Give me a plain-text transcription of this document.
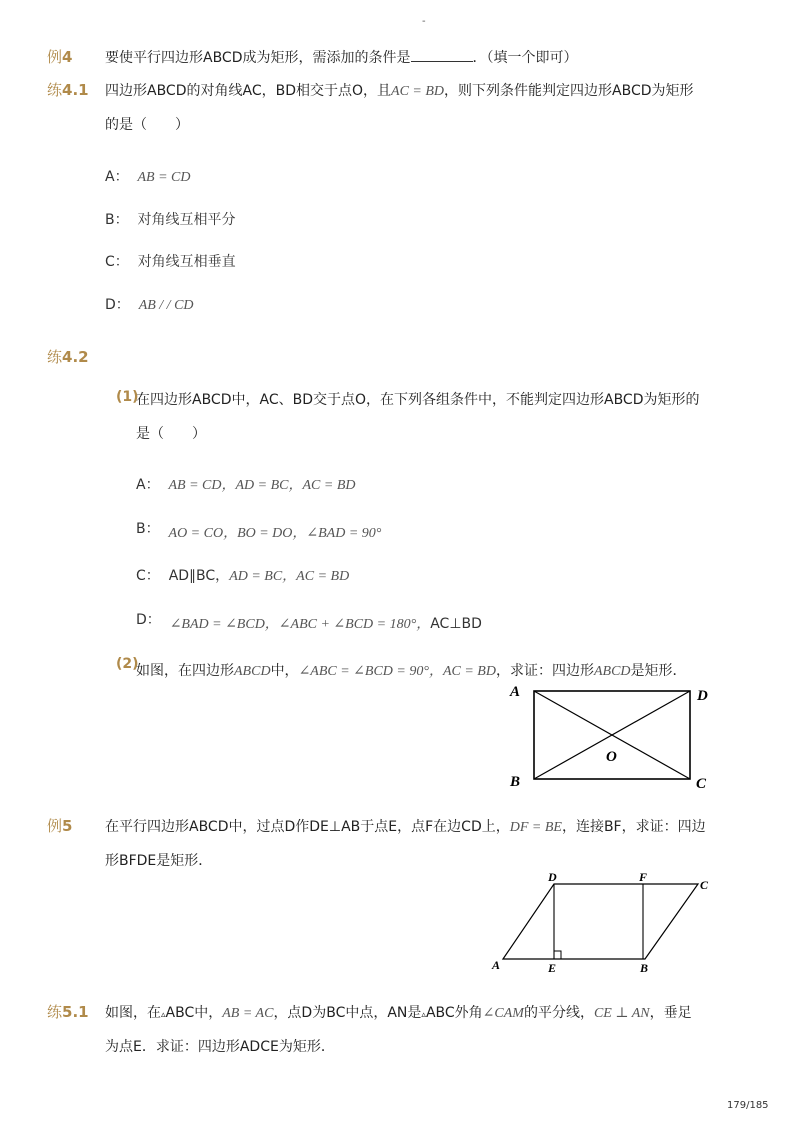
-
例4 要使平行四边形ABCD成为矩形，需添加的条件是	．（填一个即可）
练4.1 四边形ABCD的对角线AC，BD相交于点O，且AC = BD，则下列条件能判定四边形ABCD为矩形
的是（　　）
A： AB = CD
B： 对角线互相平分
C： 对角线互相垂直
D： AB / / CD
练4.2
(1)
在四边形ABCD中，AC、BD交于点O，在下列各组条件中，不能判定四边形ABCD为矩形的
是（　　）
A： AB = CD，AD = BC，AC = BD
B： AO = CO，BO = DO，∠BAD = 90°
C： AD∥BC，AD = BC，AC = BD
D： ∠BAD = ∠BCD，∠ABC + ∠BCD = 180°，AC⊥BD
(2)
如图，在四边形ABCD中，∠ABC = ∠BCD = 90°，AC = BD，求证：四边形ABCD是矩形．
A	D
B	C
O
例5 在平行四边形ABCD中，过点D作DE⊥AB于点E，点F在边CD上，DF = BE，连接BF，求证：四边
形BFDE是矩形．
D	F
C
A	E	B
练5.1 如图，在▵ABC中，AB = AC，点D为BC中点，AN是▵ABC外角∠CAM的平分线，CE ⊥ AN，垂足
为点E．求证：四边形ADCE为矩形．
179/185
